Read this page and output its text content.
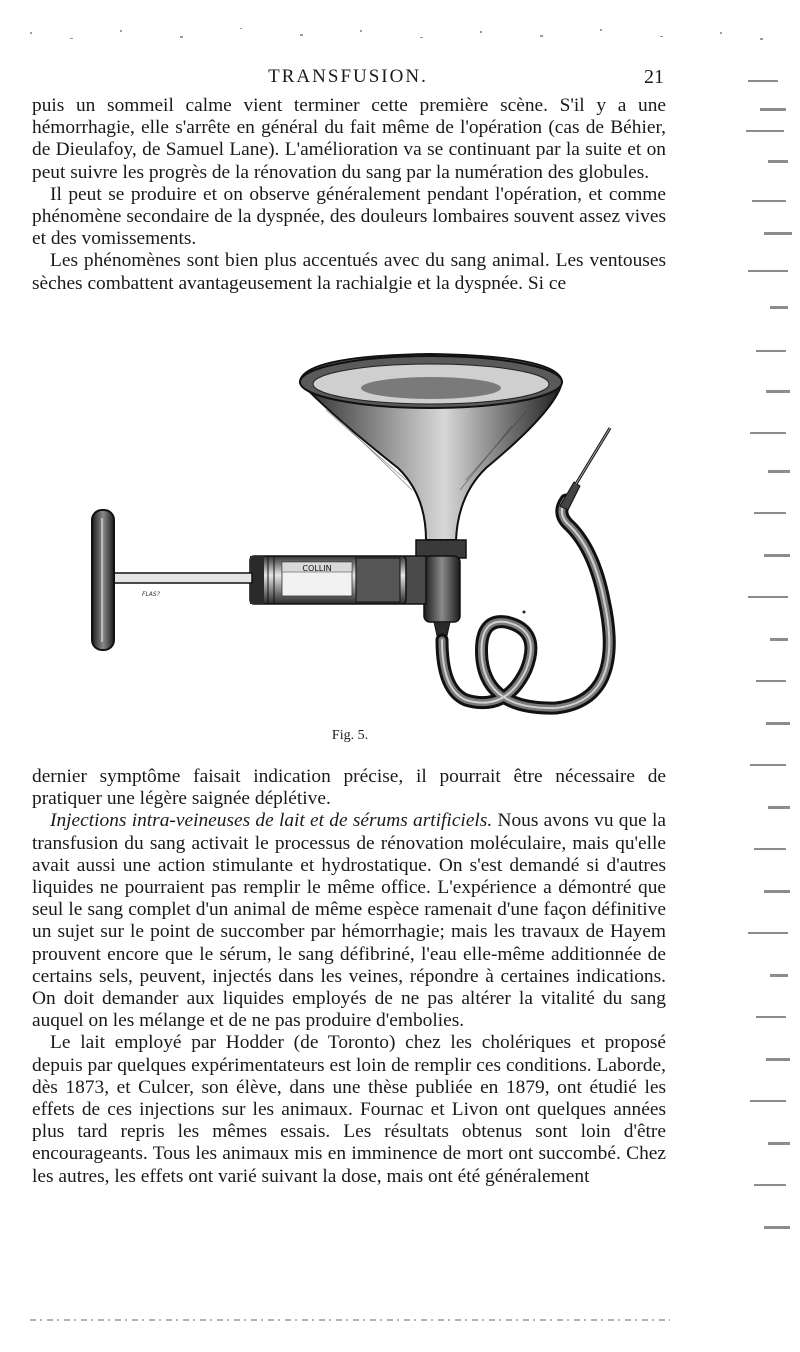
TRANSFUSION.	21

puis un sommeil calme vient terminer cette première scène. S'il y a une hémorrhagie, elle s'arrête en général du fait même de l'opération (cas de Béhier, de Dieulafoy, de Samuel Lane). L'amélioration va se continuant par la suite et on peut suivre les progrès de la rénovation du sang par la numération des globules.

Il peut se produire et on observe généralement pendant l'opération, et comme phénomène secondaire de la dyspnée, des douleurs lombaires souvent assez vives et des vomissements.

Les phénomènes sont bien plus accentués avec du sang animal. Les ventouses sèches combattent avantageusement la rachialgie et la dyspnée. Si ce

COLLIN
FLAS?
Fig. 5.

dernier symptôme faisait indication précise, il pourrait être nécessaire de pratiquer une légère saignée déplétive.

Injections intra-veineuses de lait et de sérums artificiels. Nous avons vu que la transfusion du sang activait le processus de rénovation moléculaire, mais qu'elle avait aussi une action stimulante et hydrostatique. On s'est demandé si d'autres liquides ne pourraient pas remplir le même office. L'expérience a démontré que seul le sang complet d'un animal de même espèce ramenait d'une façon définitive un sujet sur le point de succomber par hémorrhagie; mais les travaux de Hayem prouvent encore que le sérum, le sang défibriné, l'eau elle-même additionnée de certains sels, peuvent, injectés dans les veines, répondre à certaines indications. On doit demander aux liquides employés de ne pas altérer la vitalité du sang auquel on les mélange et de ne pas produire d'embolies.

Le lait employé par Hodder (de Toronto) chez les cholériques et proposé depuis par quelques expérimentateurs est loin de remplir ces conditions. Laborde, dès 1873, et Culcer, son élève, dans une thèse publiée en 1879, ont étudié les effets de ces injections sur les animaux. Fournac et Livon ont quelques années plus tard repris les mêmes essais. Les résultats obtenus sont loin d'être encourageants. Tous les animaux mis en imminence de mort ont succombé. Chez les autres, les effets ont varié suivant la dose, mais ont été généralement
